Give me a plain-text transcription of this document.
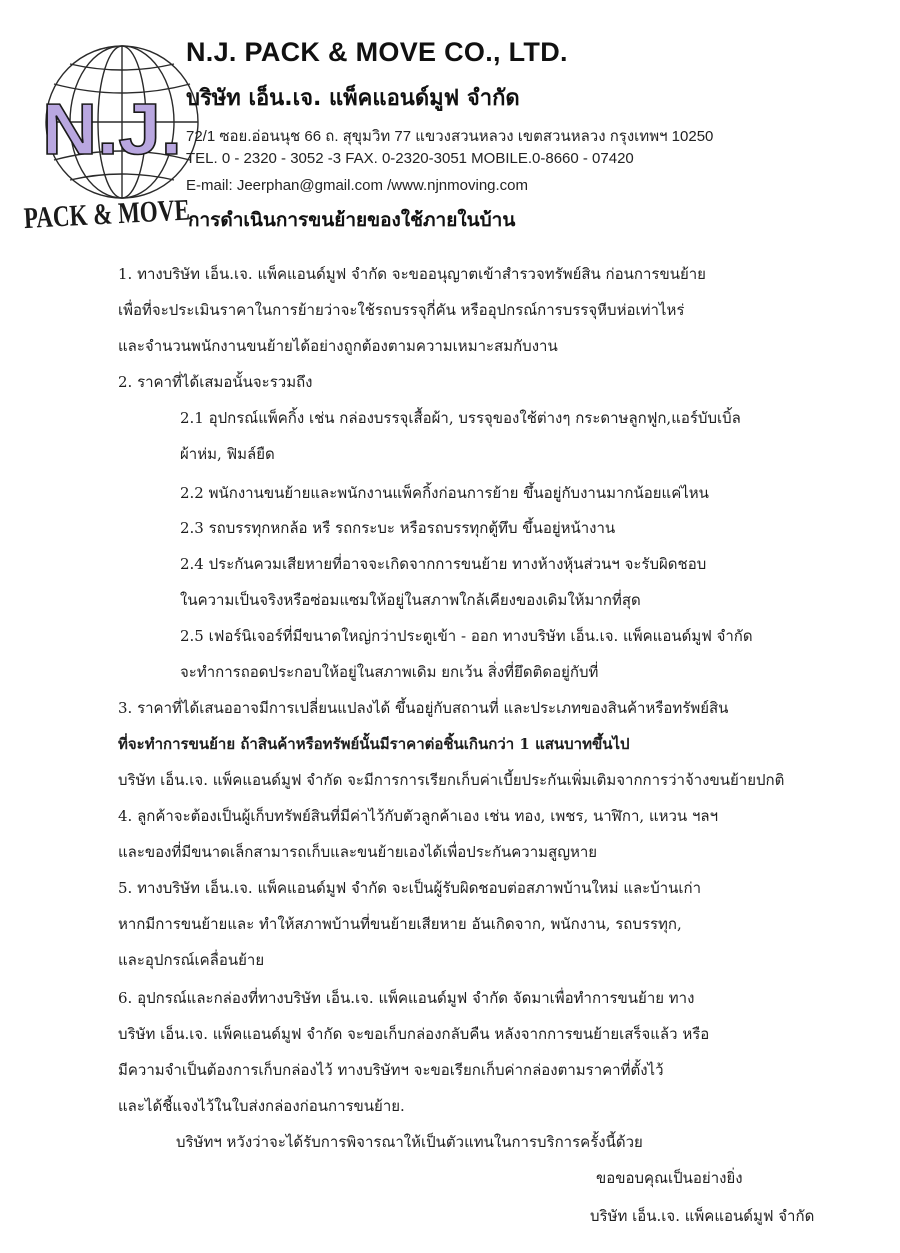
N.J.
PACK & MOVE
N.J. PACK & MOVE CO., LTD.
บริษัท เอ็น.เจ. แพ็คแอนด์มูฟ จำกัด
72/1 ซอย.อ่อนนุช 66 ถ. สุขุมวิท 77 แขวงสวนหลวง เขตสวนหลวง กรุงเทพฯ 10250
TEL. 0 - 2320 - 3052 -3 FAX. 0-2320-3051 MOBILE.0-8660 - 07420
E-mail: Jeerphan@gmail.com /www.njnmoving.com
การดำเนินการขนย้ายของใช้ภายในบ้าน
1. ทางบริษัท เอ็น.เจ. แพ็คแอนด์มูฟ จำกัด จะขออนุญาตเข้าสำรวจทรัพย์สิน ก่อนการขนย้าย
เพื่อที่จะประเมินราคาในการย้ายว่าจะใช้รถบรรจุกี่คัน หรืออุปกรณ์การบรรจุหีบห่อเท่าไหร่
และจำนวนพนักงานขนย้ายได้อย่างถูกต้องตามความเหมาะสมกับงาน
2. ราคาที่ได้เสมอนั้นจะรวมถึง
2.1 อุปกรณ์แพ็คกิ้ง เช่น กล่องบรรจุเสื้อผ้า, บรรจุของใช้ต่างๆ กระดาษลูกฟูก,แอร์บับเบิ้ล
ผ้าห่ม, ฟิมล์ยืด
2.2 พนักงานขนย้ายและพนักงานแพ็คกิ้งก่อนการย้าย ขึ้นอยู่กับงานมากน้อยแค่ไหน
2.3 รถบรรทุกหกล้อ หรื รถกระบะ หรือรถบรรทุกตู้ทึบ ขึ้นอยู่หน้างาน
2.4 ประกันควมเสียหายที่อาจจะเกิดจากการขนย้าย ทางห้างหุ้นส่วนฯ จะรับผิดชอบ
ในความเป็นจริงหรือซ่อมแซมให้อยู่ในสภาพใกล้เคียงของเดิมให้มากที่สุด
2.5 เฟอร์นิเจอร์ที่มีขนาดใหญ่กว่าประตูเข้า - ออก ทางบริษัท เอ็น.เจ. แพ็คแอนด์มูฟ จำกัด
จะทำการถอดประกอบให้อยู่ในสภาพเดิม ยกเว้น สิ่งที่ยึดติดอยู่กับที่
3. ราคาที่ได้เสนออาจมีการเปลี่ยนแปลงได้ ขึ้นอยู่กับสถานที่ และประเภทของสินค้าหรือทรัพย์สิน
ที่จะทำการขนย้าย ถ้าสินค้าหรือทรัพย์นั้นมีราคาต่อชิ้นเกินกว่า 1 แสนบาทขึ้นไป
บริษัท เอ็น.เจ. แพ็คแอนด์มูฟ จำกัด จะมีการการเรียกเก็บค่าเบี้ยประกันเพิ่มเติมจากการว่าจ้างขนย้ายปกติ
4. ลูกค้าจะต้องเป็นผู้เก็บทรัพย์สินที่มีค่าไว้กับตัวลูกค้าเอง เช่น ทอง, เพชร, นาฬิกา, แหวน ฯลฯ
และของที่มีขนาดเล็กสามารถเก็บและขนย้ายเองได้เพื่อประกันความสูญหาย
5. ทางบริษัท เอ็น.เจ. แพ็คแอนด์มูฟ จำกัด จะเป็นผู้รับผิดชอบต่อสภาพบ้านใหม่ และบ้านเก่า
หากมีการขนย้ายและ ทำให้สภาพบ้านที่ขนย้ายเสียหาย อันเกิดจาก, พนักงาน, รถบรรทุก,
และอุปกรณ์เคลื่อนย้าย
6. อุปกรณ์และกล่องที่ทางบริษัท เอ็น.เจ. แพ็คแอนด์มูฟ จำกัด จัดมาเพื่อทำการขนย้าย ทาง
บริษัท เอ็น.เจ. แพ็คแอนด์มูฟ จำกัด จะขอเก็บกล่องกลับคืน หลังจากการขนย้ายเสร็จแล้ว หรือ
มีความจำเป็นต้องการเก็บกล่องไว้ ทางบริษัทฯ จะขอเรียกเก็บค่ากล่องตามราคาที่ตั้งไว้
และได้ชี้แจงไว้ในใบส่งกล่องก่อนการขนย้าย.
บริษัทฯ หวังว่าจะได้รับการพิจารณาให้เป็นตัวแทนในการบริการครั้งนี้ด้วย
ขอขอบคุณเป็นอย่างยิ่ง
บริษัท เอ็น.เจ. แพ็คแอนด์มูฟ จำกัด
